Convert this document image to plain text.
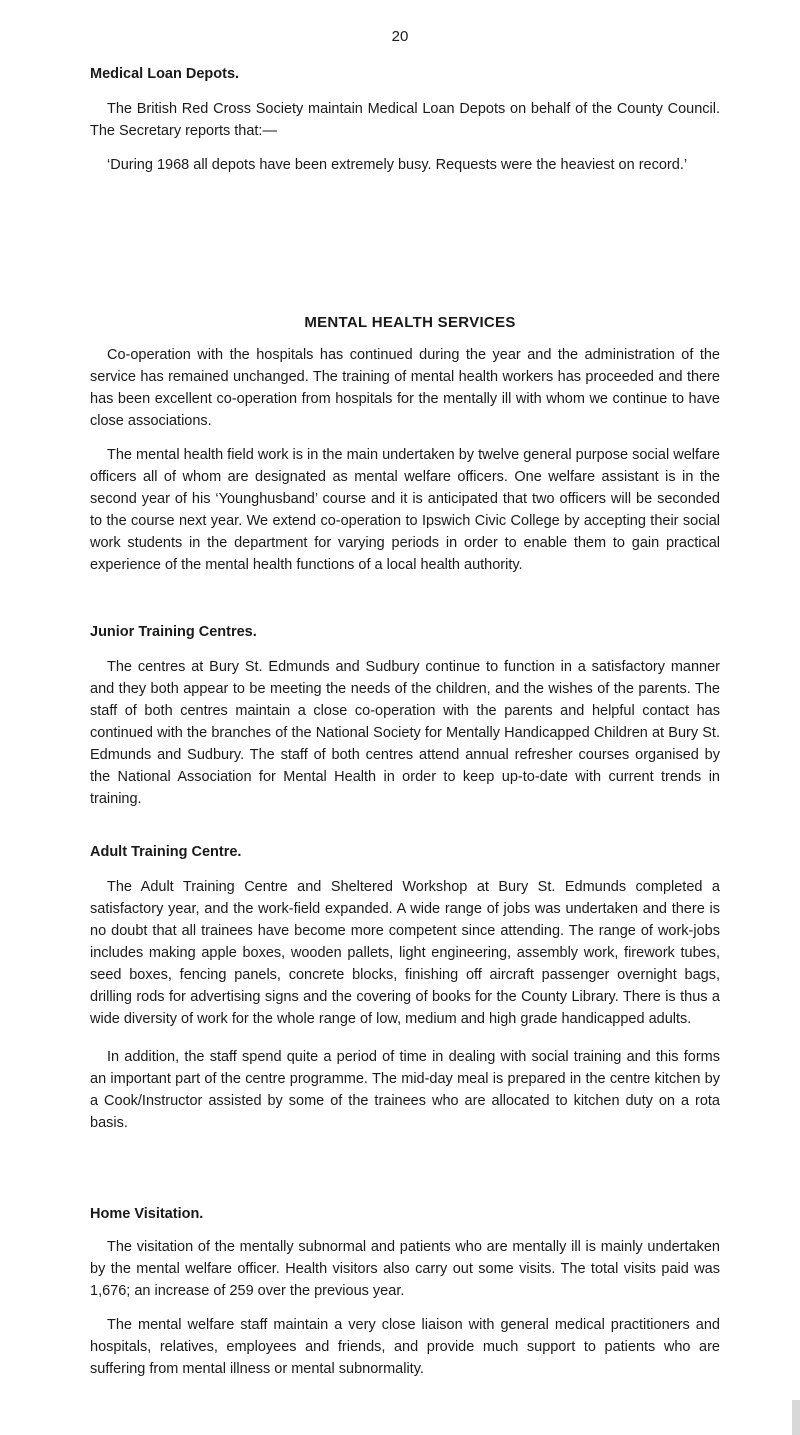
20
Medical Loan Depots.

The British Red Cross Society maintain Medical Loan Depots on behalf of the County Council. The Secretary reports that:—

‘During 1968 all depots have been extremely busy. Requests were the heaviest on record.’

MENTAL HEALTH SERVICES

Co-operation with the hospitals has continued during the year and the administration of the service has remained unchanged. The training of mental health workers has proceeded and there has been excellent co-operation from hospitals for the mentally ill with whom we continue to have close associations.

The mental health field work is in the main undertaken by twelve general purpose social welfare officers all of whom are designated as mental welfare officers. One welfare assistant is in the second year of his ‘Younghusband’ course and it is anticipated that two officers will be seconded to the course next year. We extend co-operation to Ipswich Civic College by accepting their social work students in the department for varying periods in order to enable them to gain practical experience of the mental health functions of a local health authority.

Junior Training Centres.

The centres at Bury St. Edmunds and Sudbury continue to function in a satisfactory manner and they both appear to be meeting the needs of the children, and the wishes of the parents. The staff of both centres maintain a close co-operation with the parents and helpful contact has continued with the branches of the National Society for Mentally Handicapped Children at Bury St. Edmunds and Sudbury. The staff of both centres attend annual refresher courses organised by the National Association for Mental Health in order to keep up-to-date with current trends in training.

Adult Training Centre.

The Adult Training Centre and Sheltered Workshop at Bury St. Edmunds completed a satisfactory year, and the work-field expanded. A wide range of jobs was undertaken and there is no doubt that all trainees have become more competent since attending. The range of work-jobs includes making apple boxes, wooden pallets, light engineering, assembly work, firework tubes, seed boxes, fencing panels, concrete blocks, finishing off aircraft passenger overnight bags, drilling rods for advertising signs and the covering of books for the County Library. There is thus a wide diversity of work for the whole range of low, medium and high grade handicapped adults.

In addition, the staff spend quite a period of time in dealing with social training and this forms an important part of the centre programme. The mid-day meal is prepared in the centre kitchen by a Cook/Instructor assisted by some of the trainees who are allocated to kitchen duty on a rota basis.

Home Visitation.

The visitation of the mentally subnormal and patients who are mentally ill is mainly undertaken by the mental welfare officer. Health visitors also carry out some visits. The total visits paid was 1,676; an increase of 259 over the previous year.

The mental welfare staff maintain a very close liaison with general medical practitioners and hospitals, relatives, employees and friends, and provide much support to patients who are suffering from mental illness or mental subnormality.
